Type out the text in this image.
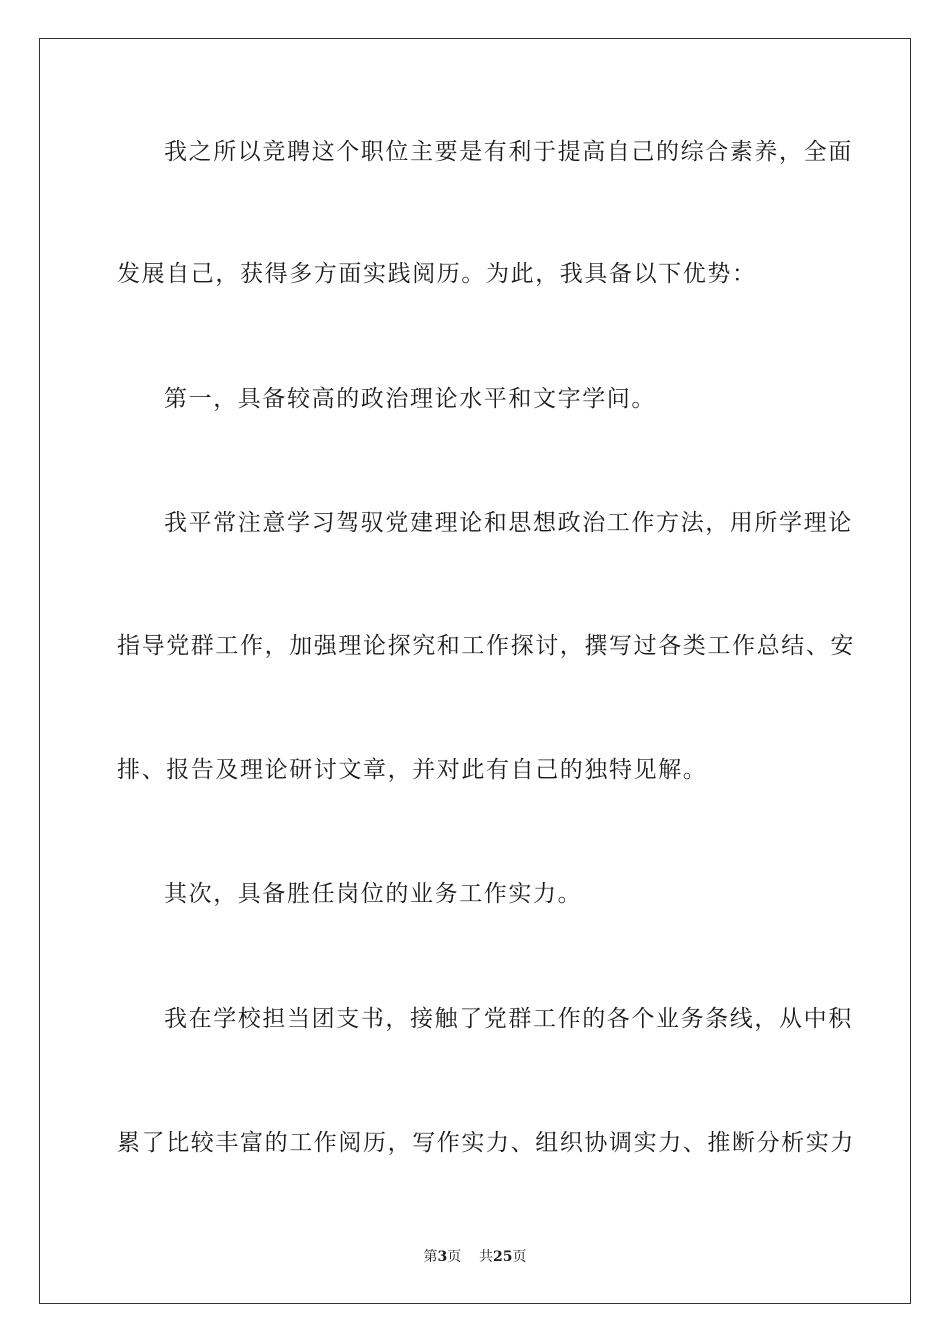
我之所以竞聘这个职位主要是有利于提高自己的综合素养，全面
发展自己，获得多方面实践阅历。为此，我具备以下优势：
第一，具备较高的政治理论水平和文字学问。
我平常注意学习驾驭党建理论和思想政治工作方法，用所学理论
指导党群工作，加强理论探究和工作探讨，撰写过各类工作总结、安
排、报告及理论研讨文章，并对此有自己的独特见解。
其次，具备胜任岗位的业务工作实力。
我在学校担当团支书，接触了党群工作的各个业务条线，从中积
累了比较丰富的工作阅历，写作实力、组织协调实力、推断分析实力
第3页 共25页
